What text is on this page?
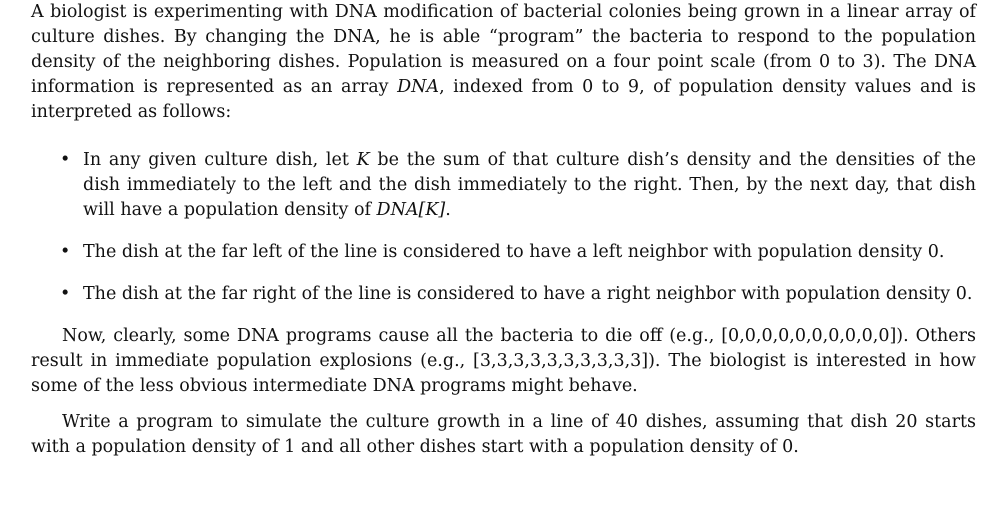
A biologist is experimenting with DNA modification of bacterial colonies being grown in a linear array of culture dishes. By changing the DNA, he is able “program” the bacteria to respond to the population density of the neighboring dishes. Population is measured on a four point scale (from 0 to 3). The DNA information is represented as an array DNA, indexed from 0 to 9, of population density values and is interpreted as follows:

• In any given culture dish, let K be the sum of that culture dish’s density and the densities of the dish immediately to the left and the dish immediately to the right. Then, by the next day, that dish will have a population density of DNA[K].
• The dish at the far left of the line is considered to have a left neighbor with population density 0.
• The dish at the far right of the line is considered to have a right neighbor with population density 0.

Now, clearly, some DNA programs cause all the bacteria to die off (e.g., [0,0,0,0,0,0,0,0,0,0]). Others result in immediate population explosions (e.g., [3,3,3,3,3,3,3,3,3,3]). The biologist is interested in how some of the less obvious intermediate DNA programs might behave.

Write a program to simulate the culture growth in a line of 40 dishes, assuming that dish 20 starts with a population density of 1 and all other dishes start with a population density of 0.
